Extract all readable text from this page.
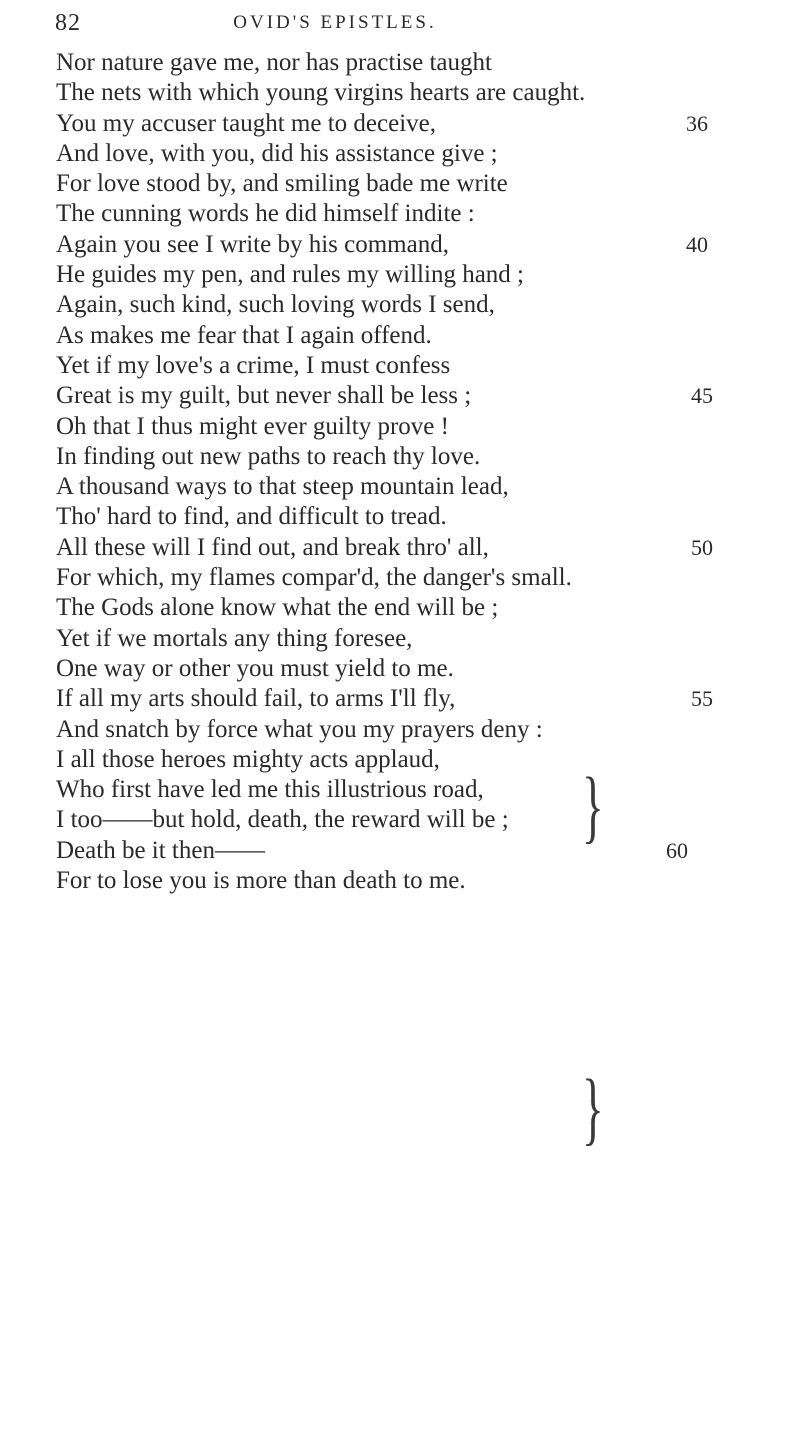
82	OVID'S EPISTLES.
Nor nature gave me, nor has practise taught
The nets with which young virgins hearts are caught.
You my accuser taught me to deceive,	36
And love, with you, did his assistance give ;
For love stood by, and smiling bade me write
The cunning words he did himself indite :
Again you see I write by his command,	40
He guides my pen, and rules my willing hand ;
Again, such kind, such loving words I send,
As makes me fear that I again offend.
Yet if my love's a crime, I must confess
Great is my guilt, but never shall be less ;	45
Oh that I thus might ever guilty prove !
In finding out new paths to reach thy love.
A thousand ways to that steep mountain lead,
Tho' hard to find, and difficult to tread.
All these will I find out, and break thro' all,	50
For which, my flames compar'd, the danger's small.
The Gods alone know what the end will be ;
Yet if we mortals any thing foresee,
One way or other you must yield to me.
If all my arts should fail, to arms I'll fly,	55
And snatch by force what you my prayers deny :
I all those heroes mighty acts applaud,
Who first have led me this illustrious road,
I too——but hold, death, the reward will be ;
Death be it then——	60
For to lose you is more than death to me.
}
}
